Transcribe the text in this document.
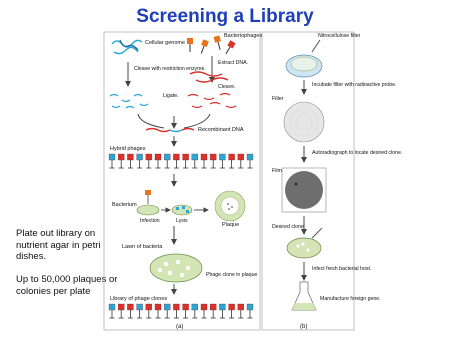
Screening a Library
Plate out library on nutrient agar in petri dishes.
Up to 50,000 plaques or colonies per plate
Cellular genome
Bacteriophages
Cleave with restriction enzyme.
Extract DNA.
Cleave.
Ligate.
Recombinant DNA
Hybrid phages
Bacterium
Infection	Lysis
Plaque
Lawn of bacteria
Phage clone in plaque
Library of phage clones
(a)
Nitrocellulose filter
Incubate filter with radioactive probe.
Filter
Autoradiograph to locate desired clone.
Film
Desired clone
Infect fresh bacterial host.
Manufacture foreign gene.
(b)
